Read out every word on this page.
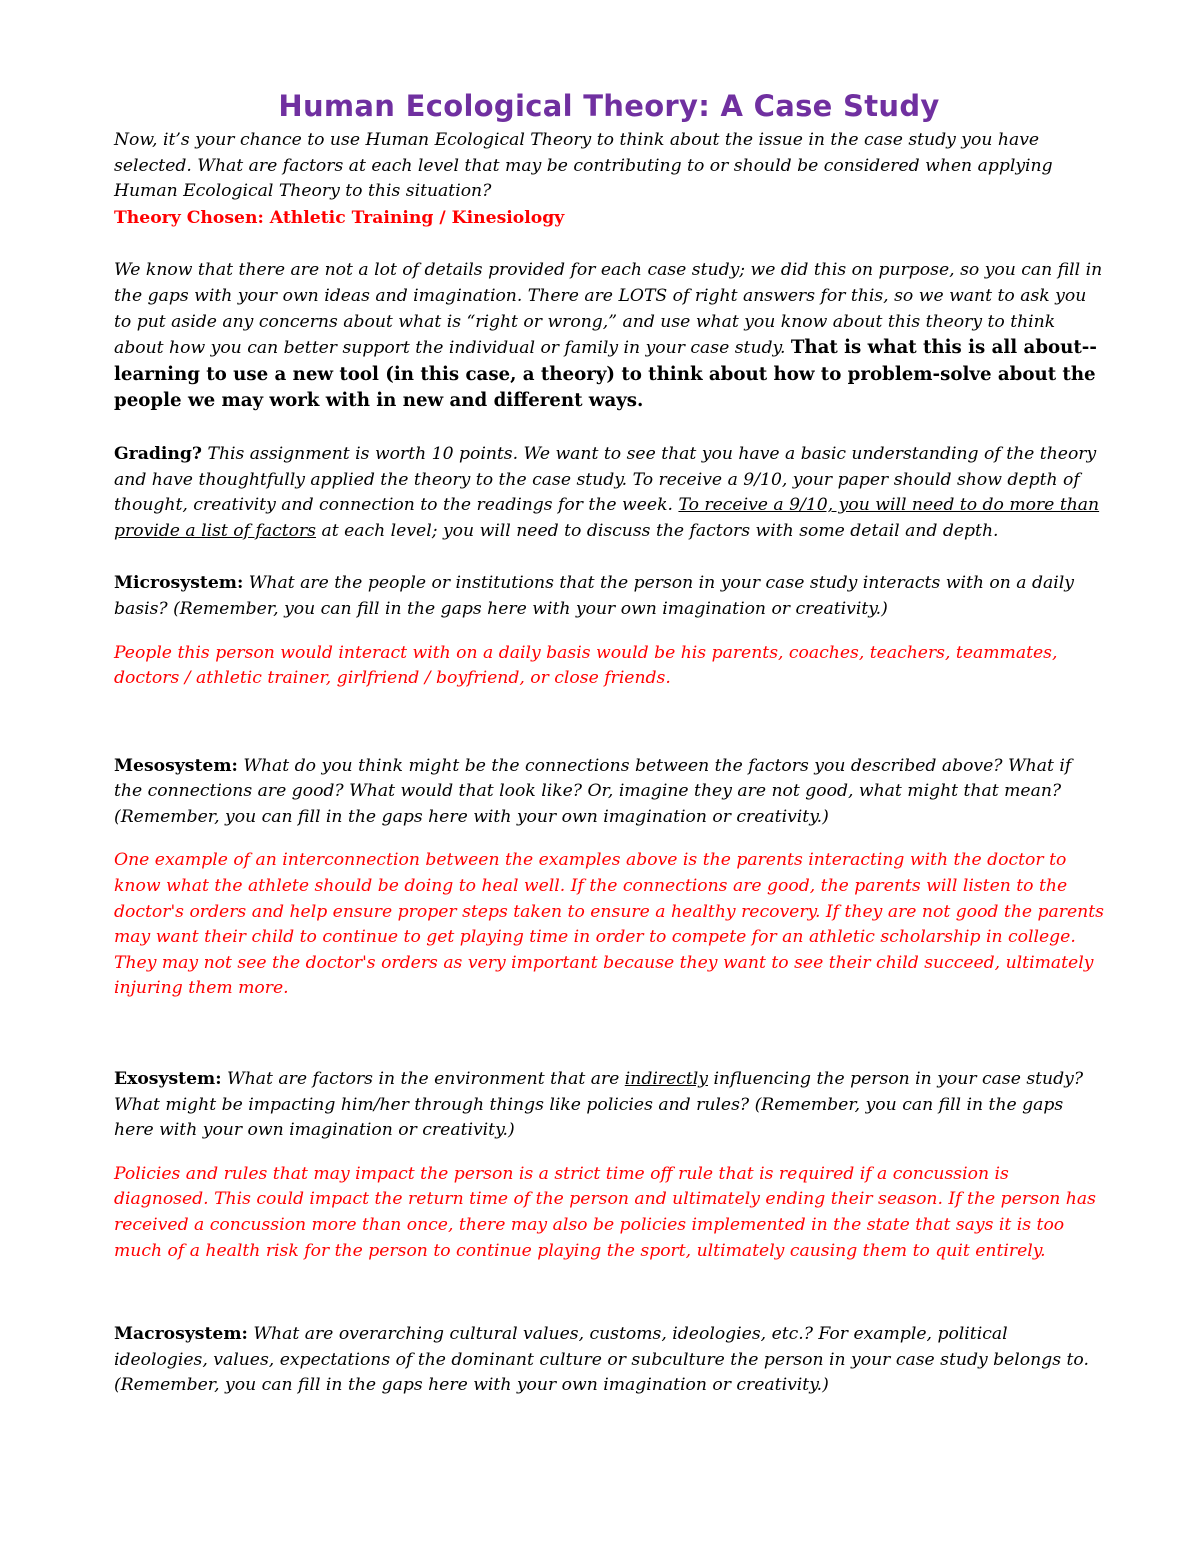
Human Ecological Theory: A Case Study

Now, it’s your chance to use Human Ecological Theory to think about the issue in the case study you have selected. What are factors at each level that may be contributing to or should be considered when applying Human Ecological Theory to this situation?

Theory Chosen: Athletic Training / Kinesiology

We know that there are not a lot of details provided for each case study; we did this on purpose, so you can fill in the gaps with your own ideas and imagination. There are LOTS of right answers for this, so we want to ask you to put aside any concerns about what is “right or wrong,” and use what you know about this theory to think about how you can better support the individual or family in your case study. That is what this is all about--learning to use a new tool (in this case, a theory) to think about how to problem-solve about the people we may work with in new and different ways.

Grading? This assignment is worth 10 points. We want to see that you have a basic understanding of the theory and have thoughtfully applied the theory to the case study. To receive a 9/10, your paper should show depth of thought, creativity and connection to the readings for the week. To receive a 9/10, you will need to do more than provide a list of factors at each level; you will need to discuss the factors with some detail and depth.

Microsystem: What are the people or institutions that the person in your case study interacts with on a daily basis? (Remember, you can fill in the gaps here with your own imagination or creativity.)

People this person would interact with on a daily basis would be his parents, coaches, teachers, teammates, doctors / athletic trainer, girlfriend / boyfriend, or close friends.

Mesosystem: What do you think might be the connections between the factors you described above? What if the connections are good? What would that look like? Or, imagine they are not good, what might that mean? (Remember, you can fill in the gaps here with your own imagination or creativity.)

One example of an interconnection between the examples above is the parents interacting with the doctor to know what the athlete should be doing to heal well. If the connections are good, the parents will listen to the doctor's orders and help ensure proper steps taken to ensure a healthy recovery. If they are not good the parents may want their child to continue to get playing time in order to compete for an athletic scholarship in college. They may not see the doctor's orders as very important because they want to see their child succeed, ultimately injuring them more.

Exosystem: What are factors in the environment that are indirectly influencing the person in your case study? What might be impacting him/her through things like policies and rules? (Remember, you can fill in the gaps here with your own imagination or creativity.)

Policies and rules that may impact the person is a strict time off rule that is required if a concussion is diagnosed. This could impact the return time of the person and ultimately ending their season. If the person has received a concussion more than once, there may also be policies implemented in the state that says it is too much of a health risk for the person to continue playing the sport, ultimately causing them to quit entirely.

Macrosystem: What are overarching cultural values, customs, ideologies, etc.? For example, political ideologies, values, expectations of the dominant culture or subculture the person in your case study belongs to. (Remember, you can fill in the gaps here with your own imagination or creativity.)
